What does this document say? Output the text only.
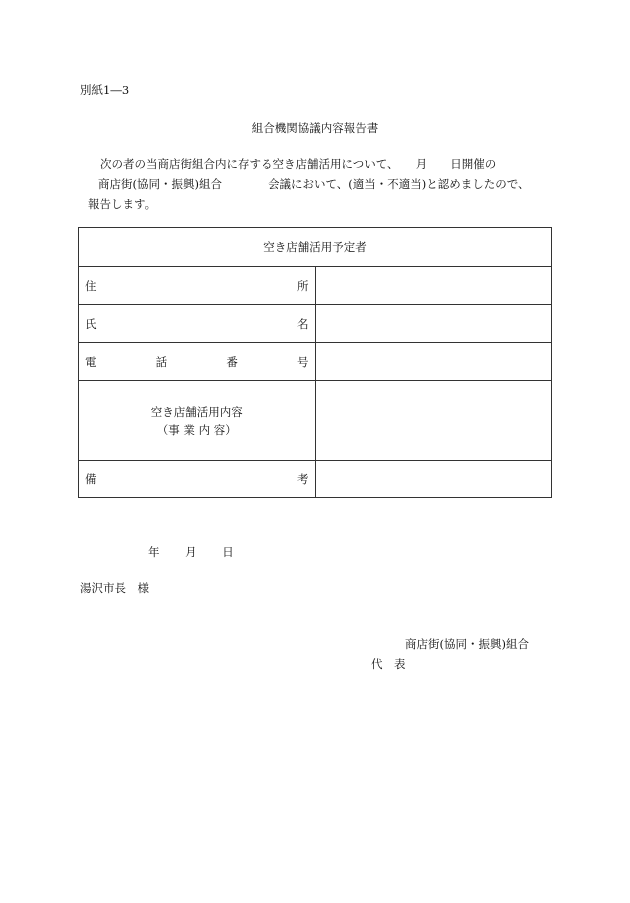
別紙1―3
組合機関協議内容報告書
次の者の当商店街組合内に存する空き店舗活用について、　　月　　日開催の
商店街(協同・振興)組合　　　　会議において、(適当・不適当)と認めましたので、
報告します。
空き店舗活用予定者	

住 所	

氏 名	

電 話 番 号	

空き店舗活用内容
（事 業 内 容）	

備 考	

年 月 日
湯沢市長　様
商店街(協同・振興)組合
代　表
